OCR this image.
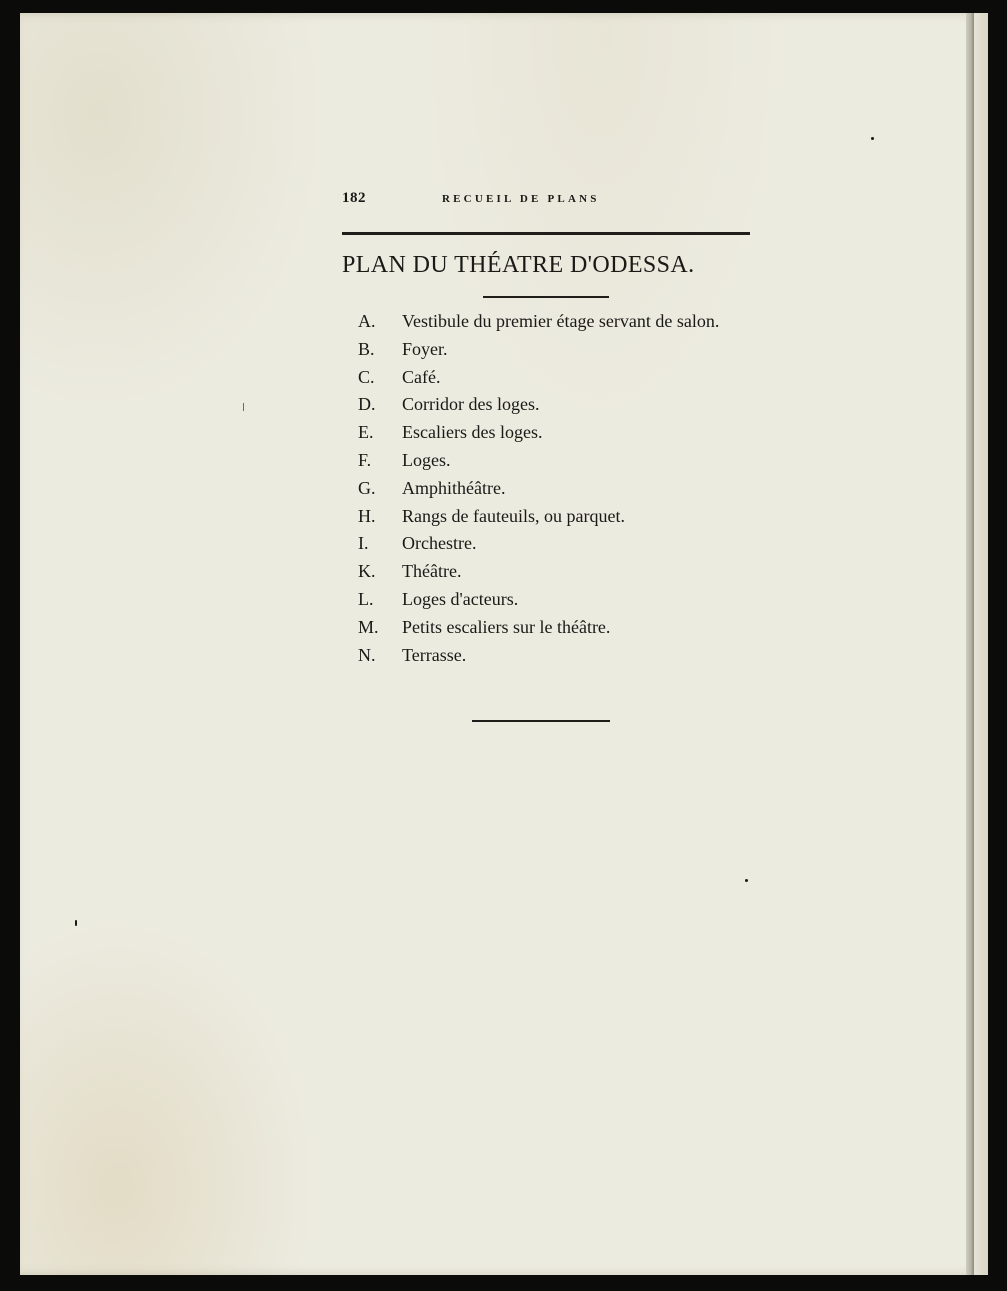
182	RECUEIL DE PLANS
PLAN DU THÉATRE D'ODESSA.
A.	Vestibule du premier étage servant de salon.
B.	Foyer.
C.	Café.
D.	Corridor des loges.
E.	Escaliers des loges.
F.	Loges.
G.	Amphithéâtre.
H.	Rangs de fauteuils, ou parquet.
I.	Orchestre.
K.	Théâtre.
L.	Loges d'acteurs.
M.	Petits escaliers sur le théâtre.
N.	Terrasse.
